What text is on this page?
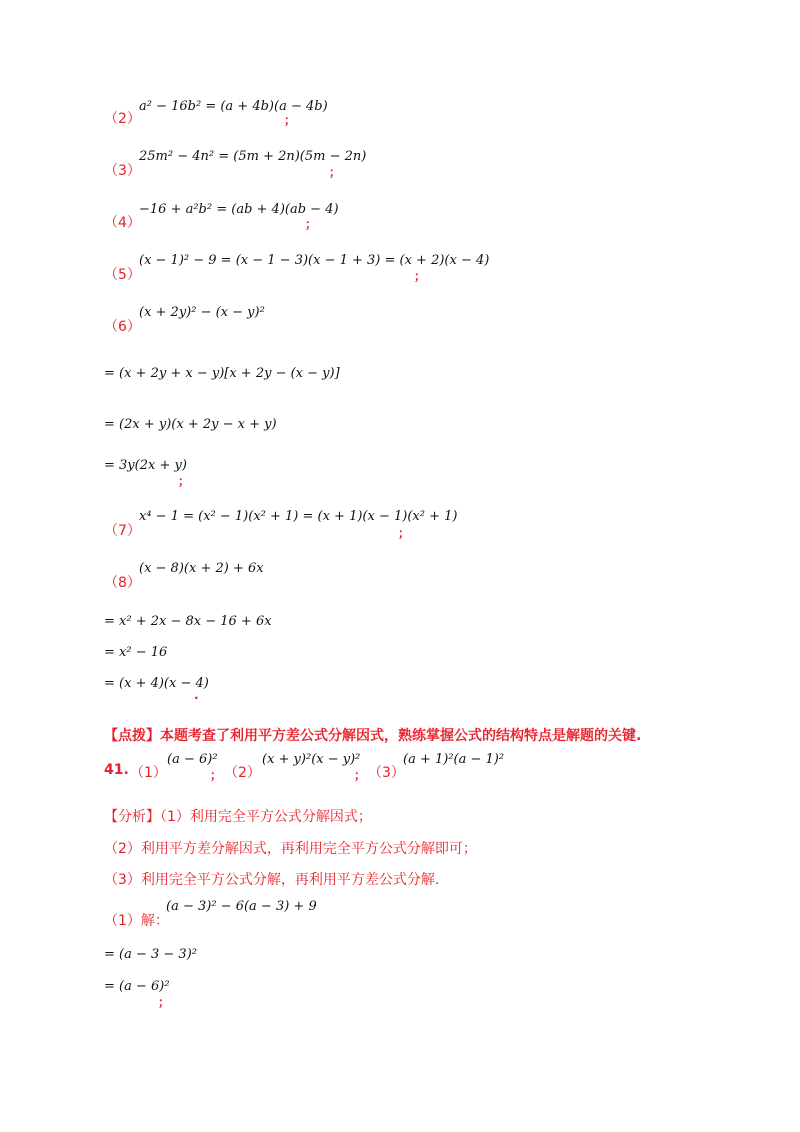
（2）
a² − 16b² = (a + 4b)(a − 4b)
；
（3）
25m² − 4n² = (5m + 2n)(5m − 2n)
；
（4）
−16 + a²b² = (ab + 4)(ab − 4)
；
（5）
(x − 1)² − 9 = (x − 1 − 3)(x − 1 + 3) = (x + 2)(x − 4)
；
（6）
(x + 2y)² − (x − y)²
= (x + 2y + x − y)[x + 2y − (x − y)]
= (2x + y)(x + 2y − x + y)
= 3y(2x + y)
；
（7）
x⁴ − 1 = (x² − 1)(x² + 1) = (x + 1)(x − 1)(x² + 1)
；
（8）
(x − 8)(x + 2) + 6x
= x² + 2x − 8x − 16 + 6x
= x² − 16
= (x + 4)(x − 4)
.
【点拨】本题考查了利用平方差公式分解因式，熟练掌握公式的结构特点是解题的关键.
41. （1）
(a − 6)²
； （2）
(x + y)²(x − y)²
； （3）
(a + 1)²(a − 1)²
【分析】（1）利用完全平方公式分解因式；
（2）利用平方差分解因式，再利用完全平方公式分解即可；
（3）利用完全平方公式分解，再利用平方差公式分解.
（1）解：
(a − 3)² − 6(a − 3) + 9
= (a − 3 − 3)²
= (a − 6)²
；
